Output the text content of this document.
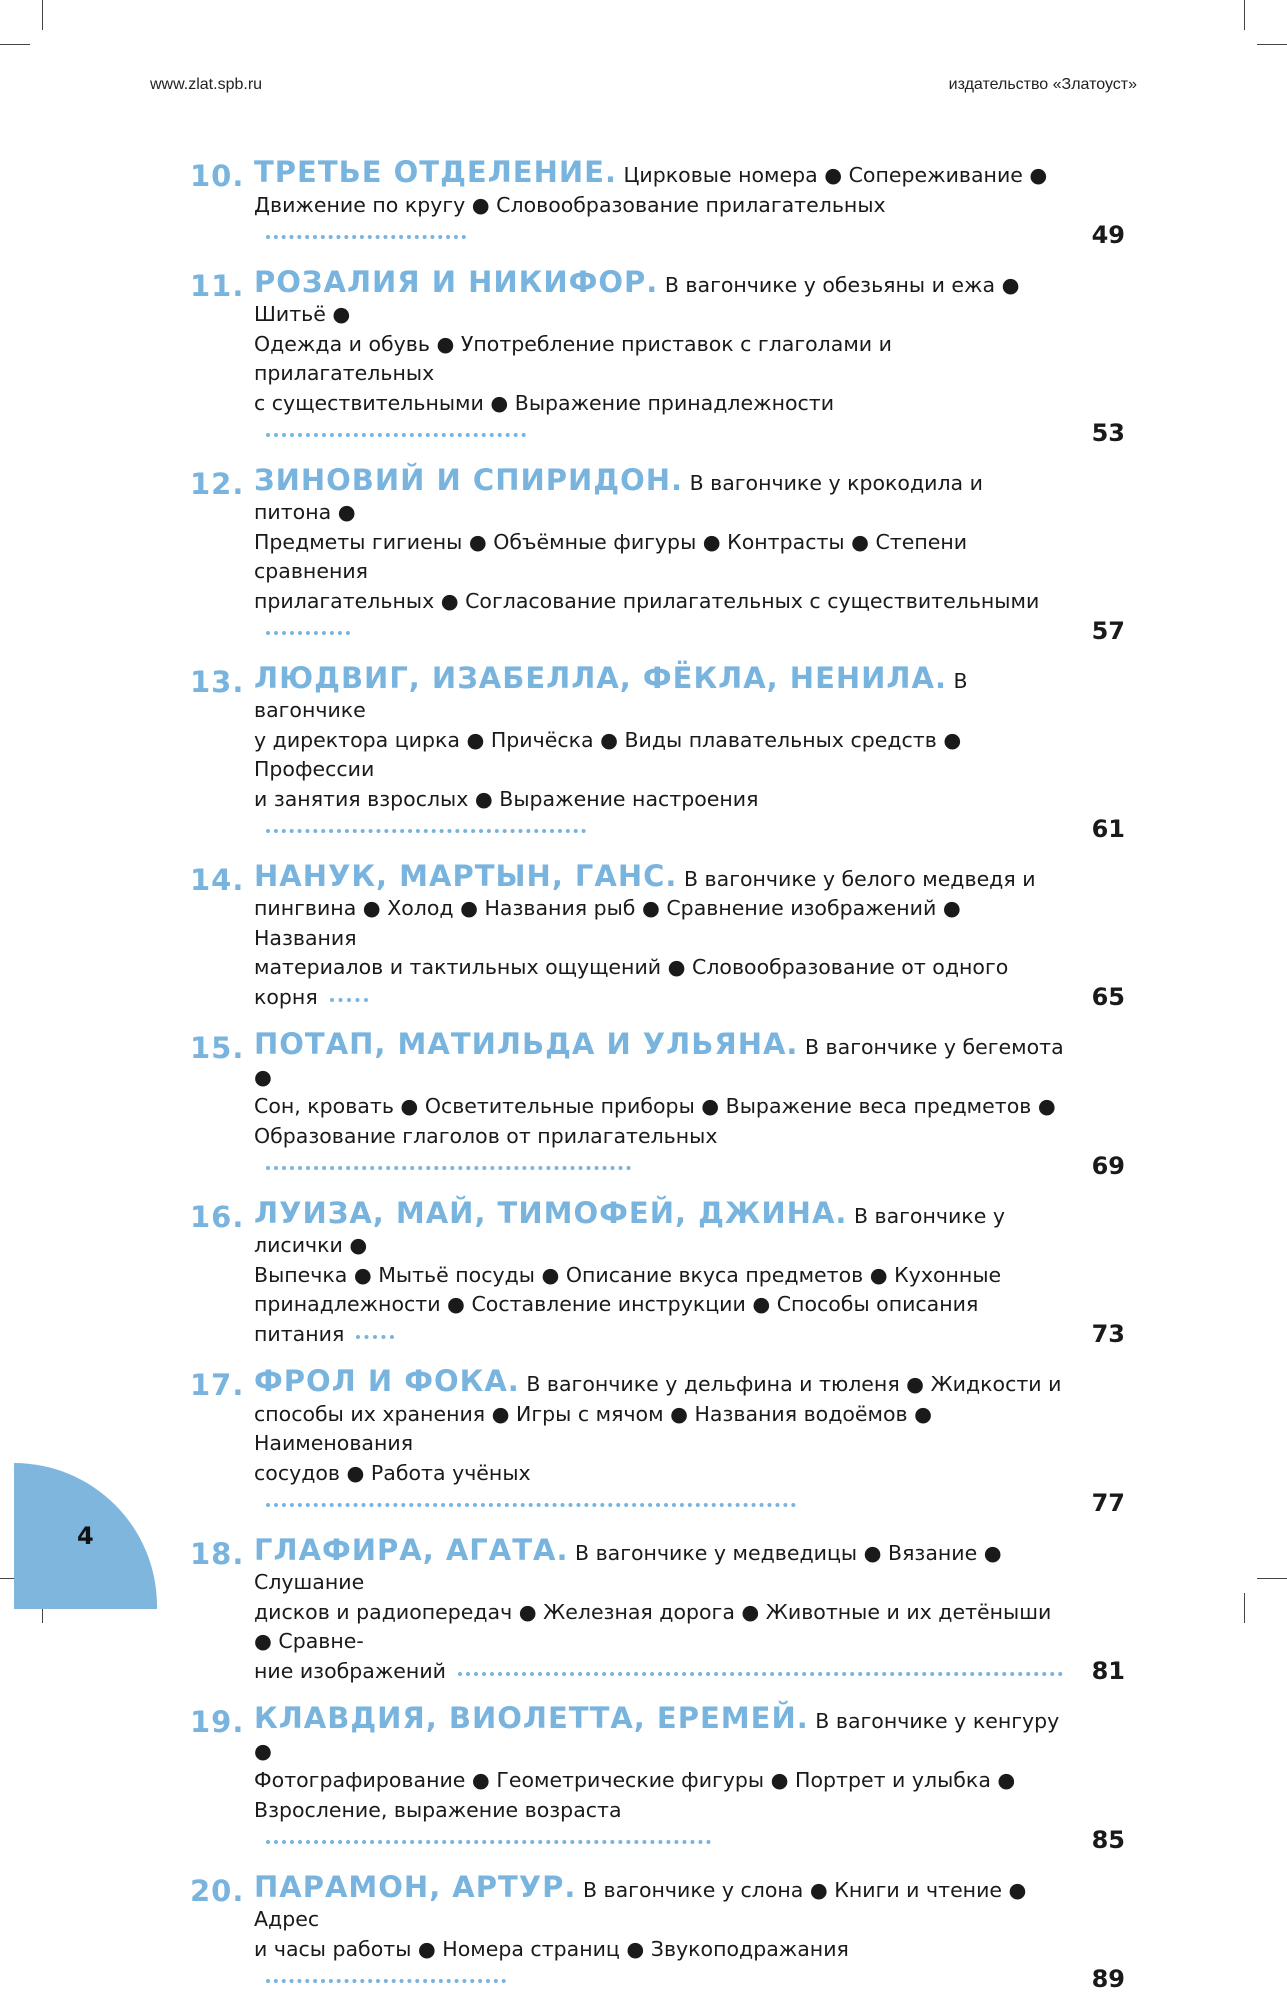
www.zlat.spb.ru	издательство «Златоуст»
10. ТРЕТЬЕ ОТДЕЛЕНИЕ. Цирковые номера ● Сопереживание ●
Движение по кругу ● Словообразование прилагательных
49
11. РОЗАЛИЯ И НИКИФОР. В вагончике у обезьяны и ежа ● Шитьё ●
Одежда и обувь ● Употребление приставок с глаголами и прилагательных
с существительными ● Выражение принадлежности
53
12. ЗИНОВИЙ И СПИРИДОН. В вагончике у крокодила и питона ●
Предметы гигиены ● Объёмные фигуры ● Контрасты ● Степени сравнения
прилагательных ● Согласование прилагательных с существительными
57
13. ЛЮДВИГ, ИЗАБЕЛЛА, ФЁКЛА, НЕНИЛА. В вагончике
у директора цирка ● Причёска ● Виды плавательных средств ● Профессии
и занятия взрослых ● Выражение настроения
61
14. НАНУК, МАРТЫН, ГАНС. В вагончике у белого медведя и
пингвина ● Холод ● Названия рыб ● Сравнение изображений ● Названия
материалов и тактильных ощущений ● Словообразование от одного корня	65
15. ПОТАП, МАТИЛЬДА И УЛЬЯНА. В вагончике у бегемота ●
Сон, кровать ● Осветительные приборы ● Выражение веса предметов ●
Образование глаголов от прилагательных
69
16. ЛУИЗА, МАЙ, ТИМОФЕЙ, ДЖИНА. В вагончике у лисички ●
Выпечка ● Мытьё посуды ● Описание вкуса предметов ● Кухонные
принадлежности ● Составление инструкции ● Способы описания питания	73
17. ФРОЛ И ФОКА. В вагончике у дельфина и тюленя ● Жидкости и
способы их хранения ● Игры с мячом ● Названия водоёмов ● Наименования
сосудов ● Работа учёных
77
18. ГЛАФИРА, АГАТА. В вагончике у медведицы ● Вязание ● Слушание
дисков и радиопередач ● Железная дорога ● Животные и их детёныши ● Сравне-
ние изображений	81
19. КЛАВДИЯ, ВИОЛЕТТА, ЕРЕМЕЙ. В вагончике у кенгуру ●
Фотографирование ● Геометрические фигуры ● Портрет и улыбка ●
Взросление, выражение возраста
85
20. ПАРАМОН, АРТУР. В вагончике у слона ● Книги и чтение ● Адрес
и часы работы ● Номера страниц ● Звукоподражания
89
4
